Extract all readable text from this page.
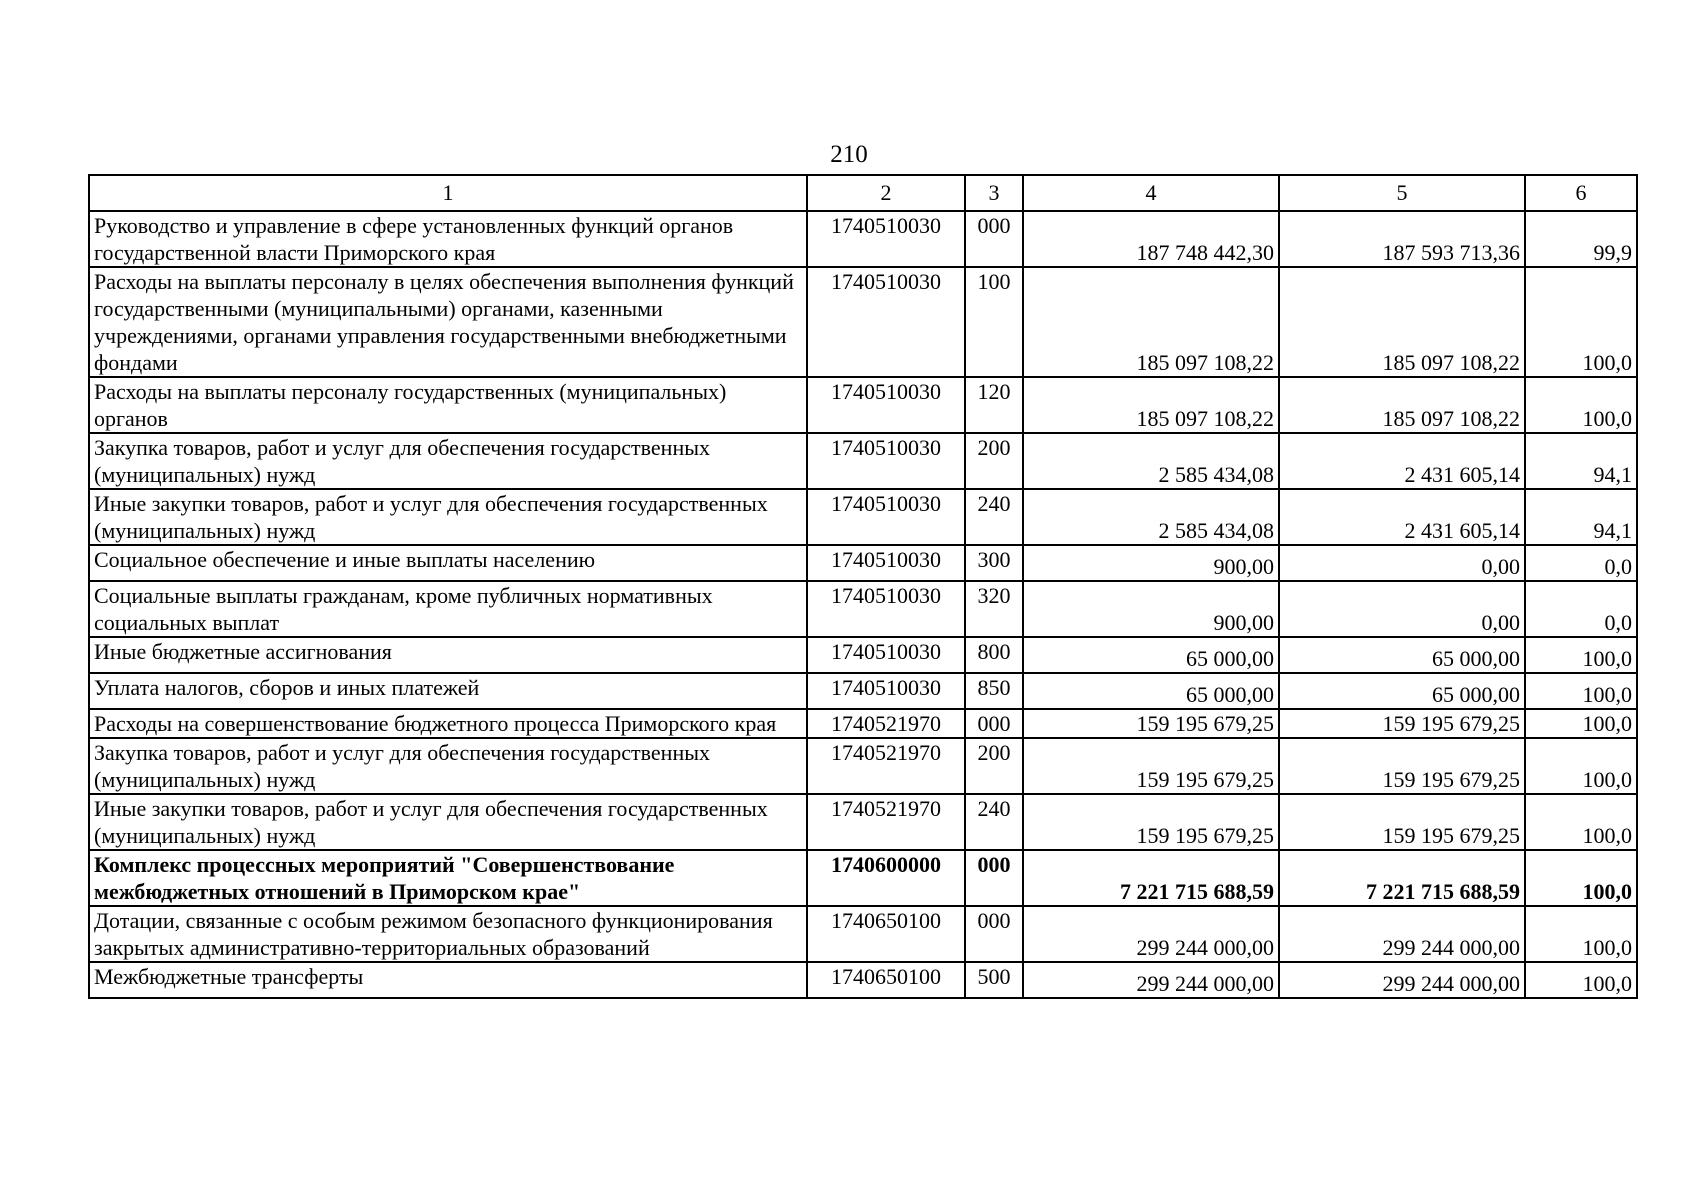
210
1	2	3	4	5	6
Руководство и управление в сфере установленных функций органов государственной власти Приморского края	1740510030	000	187 748 442,30	187 593 713,36	99,9
Расходы на выплаты персоналу в целях обеспечения выполнения функций государственными (муниципальными) органами, казенными учреждениями, органами управления государственными внебюджетными фондами	1740510030	100	185 097 108,22	185 097 108,22	100,0
Расходы на выплаты персоналу государственных (муниципальных) органов	1740510030	120	185 097 108,22	185 097 108,22	100,0
Закупка товаров, работ и услуг для обеспечения государственных (муниципальных) нужд	1740510030	200	2 585 434,08	2 431 605,14	94,1
Иные закупки товаров, работ и услуг для обеспечения государственных (муниципальных) нужд	1740510030	240	2 585 434,08	2 431 605,14	94,1
Социальное обеспечение и иные выплаты населению	1740510030	300	900,00	0,00	0,0
Социальные выплаты гражданам, кроме публичных нормативных социальных выплат	1740510030	320	900,00	0,00	0,0
Иные бюджетные ассигнования	1740510030	800	65 000,00	65 000,00	100,0
Уплата налогов, сборов и иных платежей	1740510030	850	65 000,00	65 000,00	100,0
Расходы на совершенствование бюджетного процесса Приморского края	1740521970	000	159 195 679,25	159 195 679,25	100,0
Закупка товаров, работ и услуг для обеспечения государственных (муниципальных) нужд	1740521970	200	159 195 679,25	159 195 679,25	100,0
Иные закупки товаров, работ и услуг для обеспечения государственных (муниципальных) нужд	1740521970	240	159 195 679,25	159 195 679,25	100,0
Комплекс процессных мероприятий "Совершенствование межбюджетных отношений в Приморском крае"	1740600000	000	7 221 715 688,59	7 221 715 688,59	100,0
Дотации, связанные с особым режимом безопасного функционирования закрытых административно-территориальных образований	1740650100	000	299 244 000,00	299 244 000,00	100,0
Межбюджетные трансферты	1740650100	500	299 244 000,00	299 244 000,00	100,0
